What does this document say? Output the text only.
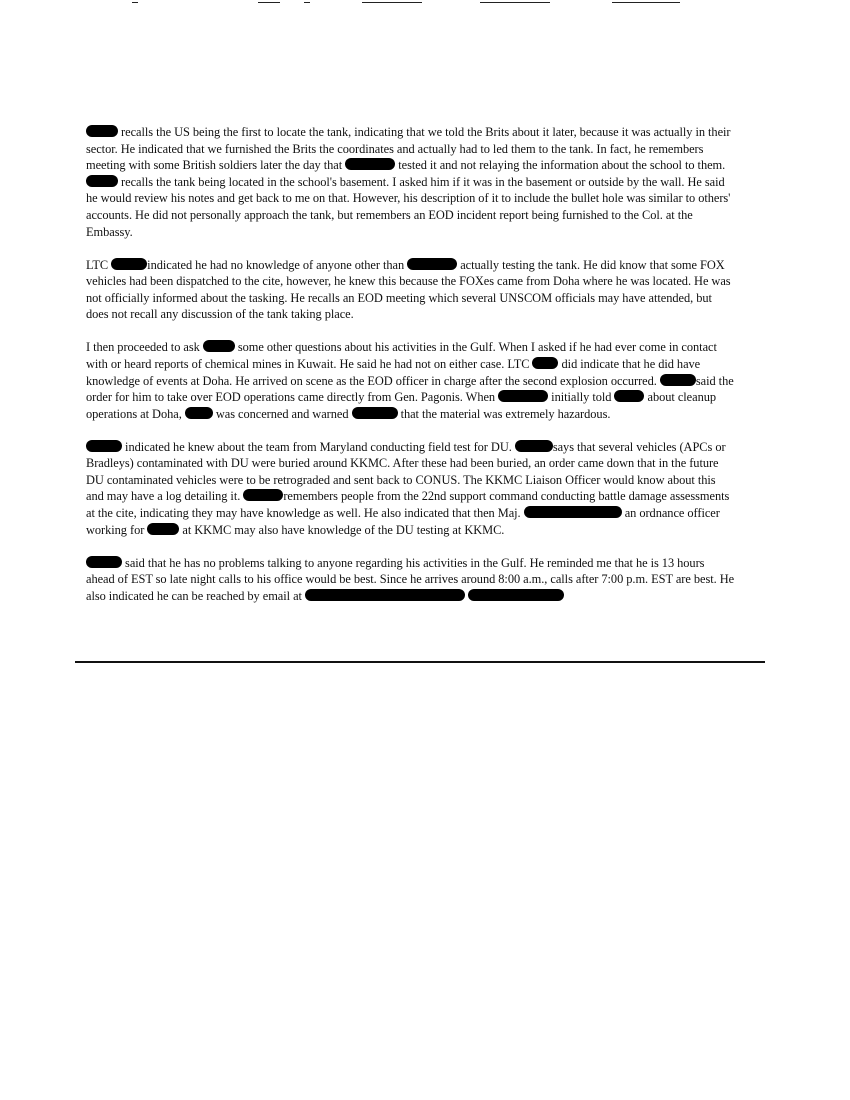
recalls the US being the first to locate the tank, indicating that we told the Brits about it later, because it was actually in their sector. He indicated that we furnished the Brits the coordinates and actually had to led them to the tank. In fact, he remembers meeting with some British soldiers later the day that	tested it and not relaying the information about the school to them.  recalls the tank being located in the school's basement. I asked him if it was in the basement or outside by the wall. He said he would review his notes and get back to me on that. However, his description of it to include the bullet hole was similar to others' accounts. He did not personally approach the tank, but remembers an EOD incident report being furnished to the Col. at the Embassy.

LTC	indicated he had no knowledge of anyone other than	actually testing the tank. He did know that some FOX vehicles had been dispatched to the cite, however, he knew this because the FOXes came from Doha where he was located. He was not officially informed about the tasking. He recalls an EOD meeting which several UNSCOM officials may have attended, but does not recall any discussion of the tank taking place.

I then proceeded to ask	some other questions about his activities in the Gulf. When I asked if he had ever come in contact with or heard reports of chemical mines in Kuwait. He said he had not on either case. LTC  did indicate that he did have knowledge of events at Doha. He arrived on scene as the EOD officer in charge after the second explosion occurred.	said the order for him to take over EOD operations came directly from Gen. Pagonis. When	initially told  about cleanup operations at Doha,  was concerned and warned	that the material was extremely hazardous.

indicated he knew about the team from Maryland conducting field test for DU.	says that several vehicles (APCs or Bradleys) contaminated with DU were buried around KKMC. After these had been buried, an order came down that in the future DU contaminated vehicles were to be retrograded and sent back to CONUS. The KKMC Liaison Officer would know about this and may have a log detailing it.	remembers people from the 22nd support command conducting battle damage assessments at the cite, indicating they may have knowledge as well. He also indicated that then Maj.	an ordnance officer working for	at KKMC may also have knowledge of the DU testing at KKMC.

said that he has no problems talking to anyone regarding his activities in the Gulf. He reminded me that he is 13 hours ahead of EST so late night calls to his office would be best. Since he arrives around 8:00 a.m., calls after 7:00 p.m. EST are best. He also indicated he can be reached by email at
